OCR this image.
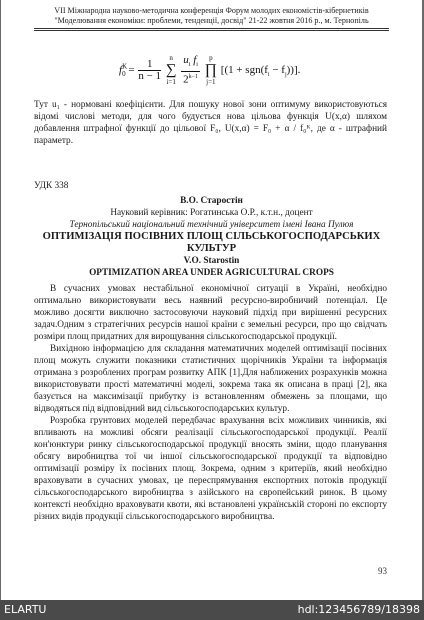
VII Міжнародна науково-методична конференція Форум молодих економістів-кібернетиків
"Моделювання економіки: проблеми, тенденції, досвід" 21-22 жовтня 2016 р., м. Тернопіль
$f^K_0 = \frac{1}{n - 1}$

n
∑
i=1
$\frac{u_i f_i}{2^{k-1}}$
	p
∏
j=1
$[(1 + sgn(f_i - f_j))]$.

Тут u₁ - нормовані коефіцієнти. Для пошуку нової зони оптимуму використовуються відомі числові методи, для чого будується нова цільова функція U(x,α) шляхом добавлення штрафної функції до цільової F₀, U(x,α) = F₀ + α / f₀ᴷ, де α - штрафний параметр.

УДК 338
В.О. Старостін
Науковий керівник: Рогатинська О.Р., к.т.н., доцент
Тернопільський національний технічний університет імені Івана Пулюя
ОПТИМІЗАЦІЯ ПОСІВНИХ ПЛОЩ СІЛЬСЬКОГОСПОДАРСЬКИХ
КУЛЬТУР
V.O. Starostin
OPTIMIZATION AREA UNDER AGRICULTURAL CROPS

В сучасних умовах нестабільної економічної ситуації в Україні, необхідно оптимально використовувати весь наявний ресурсно-виробничий потенціал. Це можливо досягти виключно застосовуючи науковий підхід при вирішенні ресурсних задач.Одним з стратегічних ресурсів нашої країни є земельні ресурси, про що свідчать розміри площ придатних для вирощування сільськогосподарської продукції.

Вихідною інформацією для складання математичних моделей оптимізації посівних площ можуть служити показники статистичних щорічників України та інформація отримана з розроблених програм розвитку АПК [1].Для наближених розрахунків можна використовувати прості математичні моделі, зокрема така як описана в праці [2], яка базується на максимізації прибутку із встановленням обмежень за площами, що відводяться під відповідний вид сільськогосподарських культур.

Розробка грунтових моделей передбачає врахування всіх можливих чинників, які впливають на можливі обсяги реалізації сільськогосподарської продукції. Реалії кон'юнктури ринку сільськогосподарської продукції вносять зміни, щодо планування обсягу виробництва тої чи іншої сільськогосподарської продукції та відповідно оптимізації розміру їх посівних площ. Зокрема, одним з критеріїв, який необхідно враховувати в сучасних умовах, це переспрямування експортних потоків продукції сільськогосподарського виробництва з азійського на європейський ринок. В цьому контексті необхідно враховувати квоти, які встановлені українській стороні по експорту різних видів продукції сільськогосподарського виробництва.

93
ELARTU	hdl:123456789/18398
